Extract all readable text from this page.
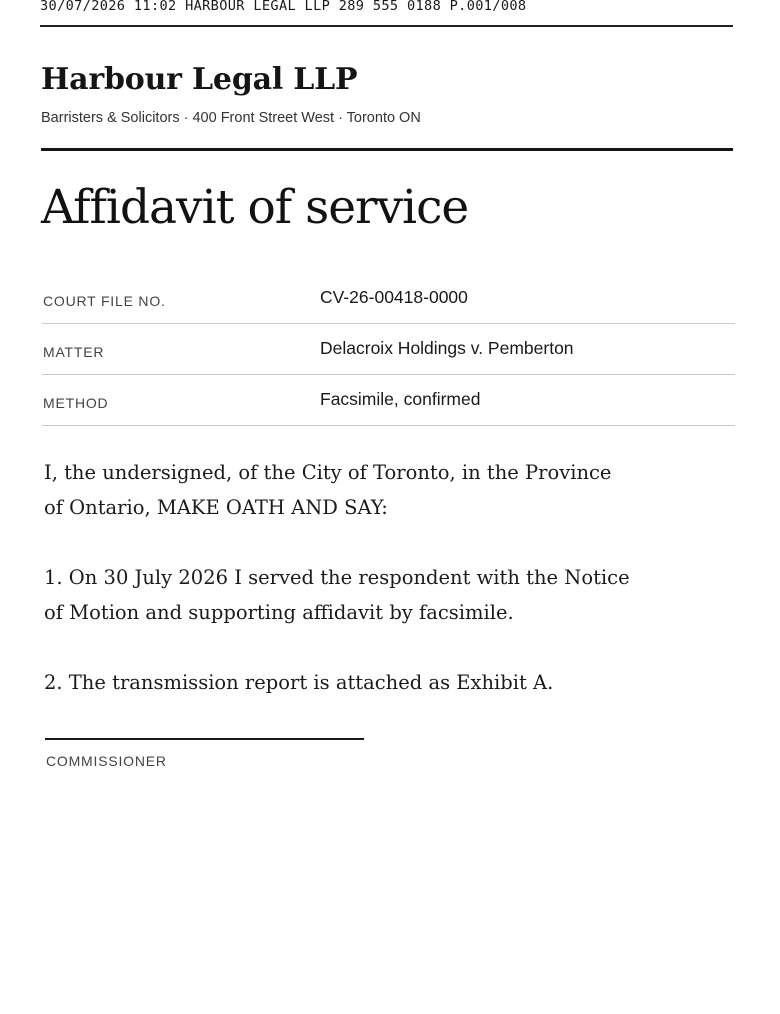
30/07/2026 11:02 HARBOUR LEGAL LLP 289 555 0188 P.001/008
Harbour Legal LLP
Barristers & Solicitors · 400 Front Street West · Toronto ON
Affidavit of service
COURT FILE NO.	CV-26-00418-0000
MATTER	Delacroix Holdings v. Pemberton
METHOD	Facsimile, confirmed

I, the undersigned, of the City of Toronto, in the Province
of Ontario, MAKE OATH AND SAY:

1. On 30 July 2026 I served the respondent with the Notice
of Motion and supporting affidavit by facsimile.

2. The transmission report is attached as Exhibit A.

COMMISSIONER
